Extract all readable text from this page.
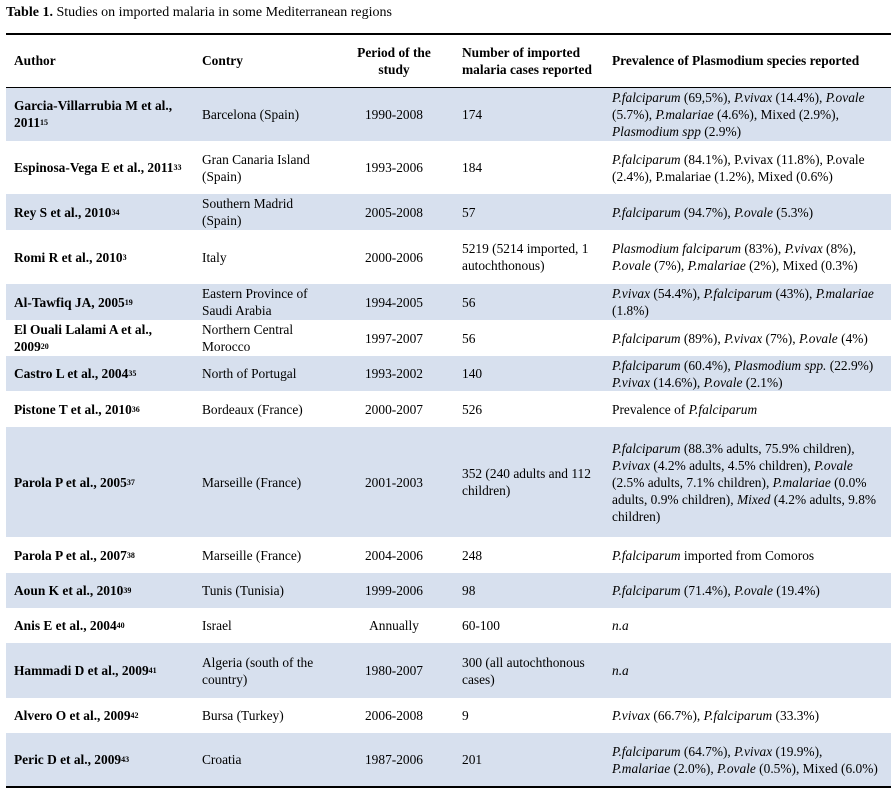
Table 1. Studies on imported malaria in some Mediterranean regions
Author	Contry	Period of the study	Number of imported malaria cases reported	Prevalence of Plasmodium species reported
Garcia-Villarrubia M et al., 2011$^{15}$	Barcelona (Spain)	1990-2008	174	P.falciparum (69,5%), P.vivax (14.4%), P.ovale (5.7%), P.malariae (4.6%), Mixed (2.9%), Plasmodium spp (2.9%)
Espinosa-Vega E et al., 2011$^{33}$	Gran Canaria Island (Spain)	1993-2006	184	P.falciparum (84.1%), P.vivax (11.8%), P.ovale (2.4%), P.malariae (1.2%), Mixed (0.6%)
Rey S et al., 2010$^{34}$	Southern Madrid (Spain)	2005-2008	57	P.falciparum (94.7%), P.ovale (5.3%)
Romi R et al., 2010$^3$	Italy	2000-2006	5219 (5214 imported, 1 autochthonous)	Plasmodium falciparum (83%), P.vivax (8%), P.ovale (7%), P.malariae (2%), Mixed (0.3%)
Al-Tawfiq JA, 2005$^{19}$	Eastern Province of Saudi Arabia	1994-2005	56	P.vivax (54.4%), P.falciparum (43%), P.malariae (1.8%)
El Ouali Lalami A et al., 2009$^{20}$	Northern Central Morocco	1997-2007	56	P.falciparum (89%), P.vivax (7%), P.ovale (4%)
Castro L et al., 2004$^{35}$	North of Portugal	1993-2002	140	P.falciparum (60.4%), Plasmodium spp. (22.9%) P.vivax (14.6%), P.ovale (2.1%)
Pistone T et al., 2010$^{36}$	Bordeaux (France)	2000-2007	526	Prevalence of P.falciparum
Parola P et al., 2005$^{37}$	Marseille (France)	2001-2003	352 (240 adults and 112 children)	P.falciparum (88.3% adults, 75.9% children), P.vivax (4.2% adults, 4.5% children), P.ovale (2.5% adults, 7.1% children), P.malariae (0.0% adults, 0.9% children), Mixed (4.2% adults, 9.8% children)
Parola P et al., 2007$^{38}$	Marseille (France)	2004-2006	248	P.falciparum imported from Comoros
Aoun K et al., 2010$^{39}$	Tunis (Tunisia)	1999-2006	98	P.falciparum (71.4%), P.ovale (19.4%)
Anis E et al., 2004$^{40}$	Israel	Annually	60-100	n.a
Hammadi D et al., 2009$^{41}$	Algeria (south of the country)	1980-2007	300 (all autochthonous cases)	n.a
Alvero O et al., 2009$^{42}$	Bursa (Turkey)	2006-2008	9	P.vivax (66.7%), P.falciparum (33.3%)
Peric D et al., 2009$^{43}$	Croatia	1987-2006	201	P.falciparum (64.7%), P.vivax (19.9%), P.malariae (2.0%), P.ovale (0.5%), Mixed (6.0%)
